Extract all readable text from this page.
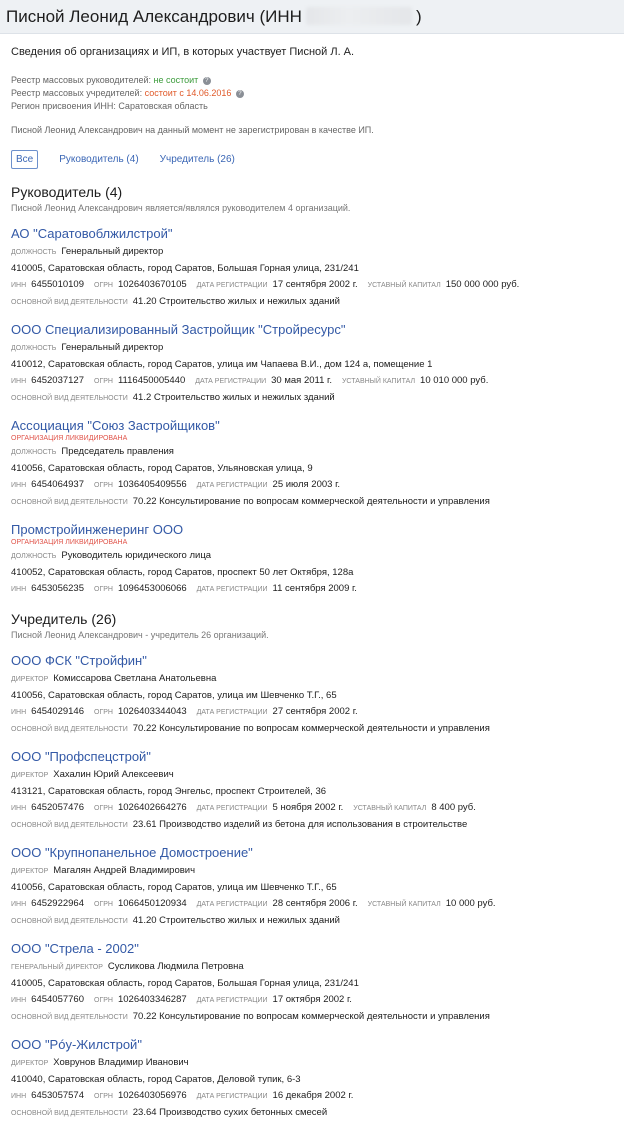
Писной Леонид Александрович (ИНН	)
Сведения об организациях и ИП, в которых участвует Писной Л. А.
Реестр массовых руководителей: не состоит ?
Реестр массовых учредителей: состоит с 14.06.2016 ?
Регион присвоения ИНН: Саратовская область
Писной Леонид Александрович на данный момент не зарегистрирован в качестве ИП.
Все	Руководитель (4) Учредитель (26)
Руководитель (4)
Писной Леонид Александрович является/являлся руководителем 4 организаций.
АО "Саратовоблжилстрой"
ДОЛЖНОСТЬ Генеральный директор
410005, Саратовская область, город Саратов, Большая Горная улица, 231/241
ИНН 6455010109 ОГРН 1026403670105 ДАТА РЕГИСТРАЦИИ 17 сентября 2002 г. УСТАВНЫЙ КАПИТАЛ 150 000 000 руб.
ОСНОВНОЙ ВИД ДЕЯТЕЛЬНОСТИ 41.20 Строительство жилых и нежилых зданий
ООО Специализированный Застройщик "Стройресурс"
ДОЛЖНОСТЬ Генеральный директор
410012, Саратовская область, город Саратов, улица им Чапаева В.И., дом 124 а, помещение 1
ИНН 6452037127 ОГРН 1116450005440 ДАТА РЕГИСТРАЦИИ 30 мая 2011 г. УСТАВНЫЙ КАПИТАЛ 10 010 000 руб.
ОСНОВНОЙ ВИД ДЕЯТЕЛЬНОСТИ 41.2 Строительство жилых и нежилых зданий
Ассоциация "Союз Застройщиков"
ОРГАНИЗАЦИЯ ЛИКВИДИРОВАНА
ДОЛЖНОСТЬ Председатель правления
410056, Саратовская область, город Саратов, Ульяновская улица, 9
ИНН 6454064937 ОГРН 1036405409556 ДАТА РЕГИСТРАЦИИ 25 июля 2003 г.
ОСНОВНОЙ ВИД ДЕЯТЕЛЬНОСТИ 70.22 Консультирование по вопросам коммерческой деятельности и управления
Промстройинженеринг ООО
ОРГАНИЗАЦИЯ ЛИКВИДИРОВАНА
ДОЛЖНОСТЬ Руководитель юридического лица
410052, Саратовская область, город Саратов, проспект 50 лет Октября, 128а
ИНН 6453056235 ОГРН 1096453006066 ДАТА РЕГИСТРАЦИИ 11 сентября 2009 г.
Учредитель (26)
Писной Леонид Александрович - учредитель 26 организаций.
ООО ФСК "Стройфин"
ДИРЕКТОР Комиссарова Светлана Анатольевна
410056, Саратовская область, город Саратов, улица им Шевченко Т.Г., 65
ИНН 6454029146 ОГРН 1026403344043 ДАТА РЕГИСТРАЦИИ 27 сентября 2002 г.
ОСНОВНОЙ ВИД ДЕЯТЕЛЬНОСТИ 70.22 Консультирование по вопросам коммерческой деятельности и управления
ООО "Профспецстрой"
ДИРЕКТОР Хахалин Юрий Алексеевич
413121, Саратовская область, город Энгельс, проспект Строителей, 36
ИНН 6452057476 ОГРН 1026402664276 ДАТА РЕГИСТРАЦИИ 5 ноября 2002 г. УСТАВНЫЙ КАПИТАЛ 8 400 руб.
ОСНОВНОЙ ВИД ДЕЯТЕЛЬНОСТИ 23.61 Производство изделий из бетона для использования в строительстве
ООО "Крупнопанельное Домостроение"
ДИРЕКТОР Магалян Андрей Владимирович
410056, Саратовская область, город Саратов, улица им Шевченко Т.Г., 65
ИНН 6452922964 ОГРН 1066450120934 ДАТА РЕГИСТРАЦИИ 28 сентября 2006 г. УСТАВНЫЙ КАПИТАЛ 10 000 руб.
ОСНОВНОЙ ВИД ДЕЯТЕЛЬНОСТИ 41.20 Строительство жилых и нежилых зданий
ООО "Стрела - 2002"
ГЕНЕРАЛЬНЫЙ ДИРЕКТОР Сусликова Людмила Петровна
410005, Саратовская область, город Саратов, Большая Горная улица, 231/241
ИНН 6454057760 ОГРН 1026403346287 ДАТА РЕГИСТРАЦИИ 17 октября 2002 г.
ОСНОВНОЙ ВИД ДЕЯТЕЛЬНОСТИ 70.22 Консультирование по вопросам коммерческой деятельности и управления
ООО "Рóу-Жилстрой"
ДИРЕКТОР Ховрунов Владимир Иванович
410040, Саратовская область, город Саратов, Деловой тупик, 6-3
ИНН 6453057574 ОГРН 1026403056976 ДАТА РЕГИСТРАЦИИ 16 декабря 2002 г.
ОСНОВНОЙ ВИД ДЕЯТЕЛЬНОСТИ 23.64 Производство сухих бетонных смесей
